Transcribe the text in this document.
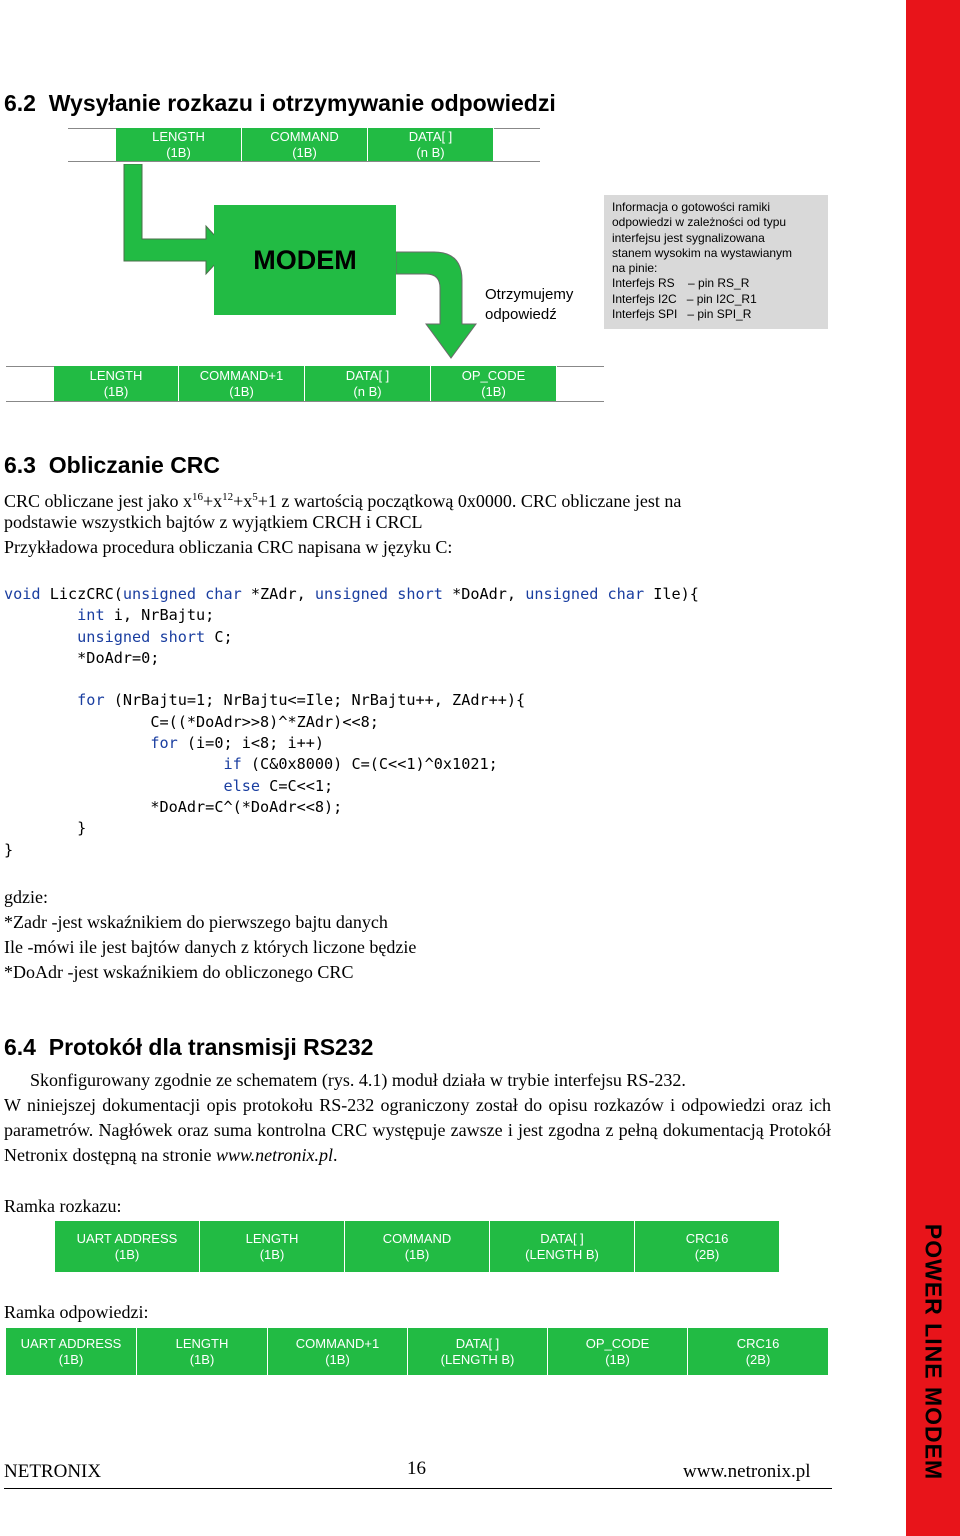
POWER LINE MODEM
6.2 Wysyłanie rozkazu i otrzymywanie odpowiedzi
LENGTH
(1B)
COMMAND
(1B)
DATA[ ]
(n B)
MODEM
Otrzymujemy
odpowiedź
Informacja o gotowości ramiki
odpowiedzi w zależności od typu
interfejsu jest sygnalizowana
stanem wysokim na wystawianym
na pinie:
Interfejs RS    – pin RS_R
Interfejs I2C   – pin I2C_R1
Interfejs SPI   – pin SPI_R
LENGTH
(1B)
COMMAND+1
(1B)
DATA[ ]
(n B)
OP_CODE
(1B)
6.3 Obliczanie CRC
CRC obliczane jest jako $x^{16}+x^{12}+x^5+1$ z wartością początkową 0x0000. CRC obliczane jest na
podstawie wszystkich bajtów z wyjątkiem CRCH i CRCL
Przykładowa procedura obliczania CRC napisana w języku C:
void LiczCRC(unsigned char *ZAdr, unsigned short *DoAdr, unsigned char Ile){
int i, NrBajtu;
unsigned short C;
*DoAdr=0;

for (NrBajtu=1; NrBajtu<=Ile; NrBajtu++, ZAdr++){
C=((*DoAdr>>8)^*ZAdr)<<8;
for (i=0; i<8; i++)
if (C&0x8000) C=(C<<1)^0x1021;
else C=C<<1;
*DoAdr=C^(*DoAdr<<8);
}
}
gdzie:
*Zadr -jest wskaźnikiem do pierwszego bajtu danych
Ile -mówi ile jest bajtów danych z których liczone będzie
*DoAdr -jest wskaźnikiem do obliczonego CRC
6.4 Protokół dla transmisji RS232
Skonfigurowany zgodnie ze schematem (rys. 4.1) moduł działa w trybie interfejsu RS-232.
W niniejszej dokumentacji opis protokołu RS-232 ograniczony został do opisu rozkazów i odpowiedzi oraz ich parametrów. Nagłówek oraz suma kontrolna CRC występuje zawsze i jest zgodna z pełną dokumentacją Protokół Netronix dostępną na stronie www.netronix.pl.
Ramka rozkazu:
UART ADDRESS
(1B)
LENGTH
(1B)
COMMAND
(1B)
DATA[ ]
(LENGTH B)
CRC16
(2B)
Ramka odpowiedzi:
UART ADDRESS
(1B)
LENGTH
(1B)
COMMAND+1
(1B)
DATA[ ]
(LENGTH B)
OP_CODE
(1B)
CRC16
(2B)
NETRONIX	16	www.netronix.pl
